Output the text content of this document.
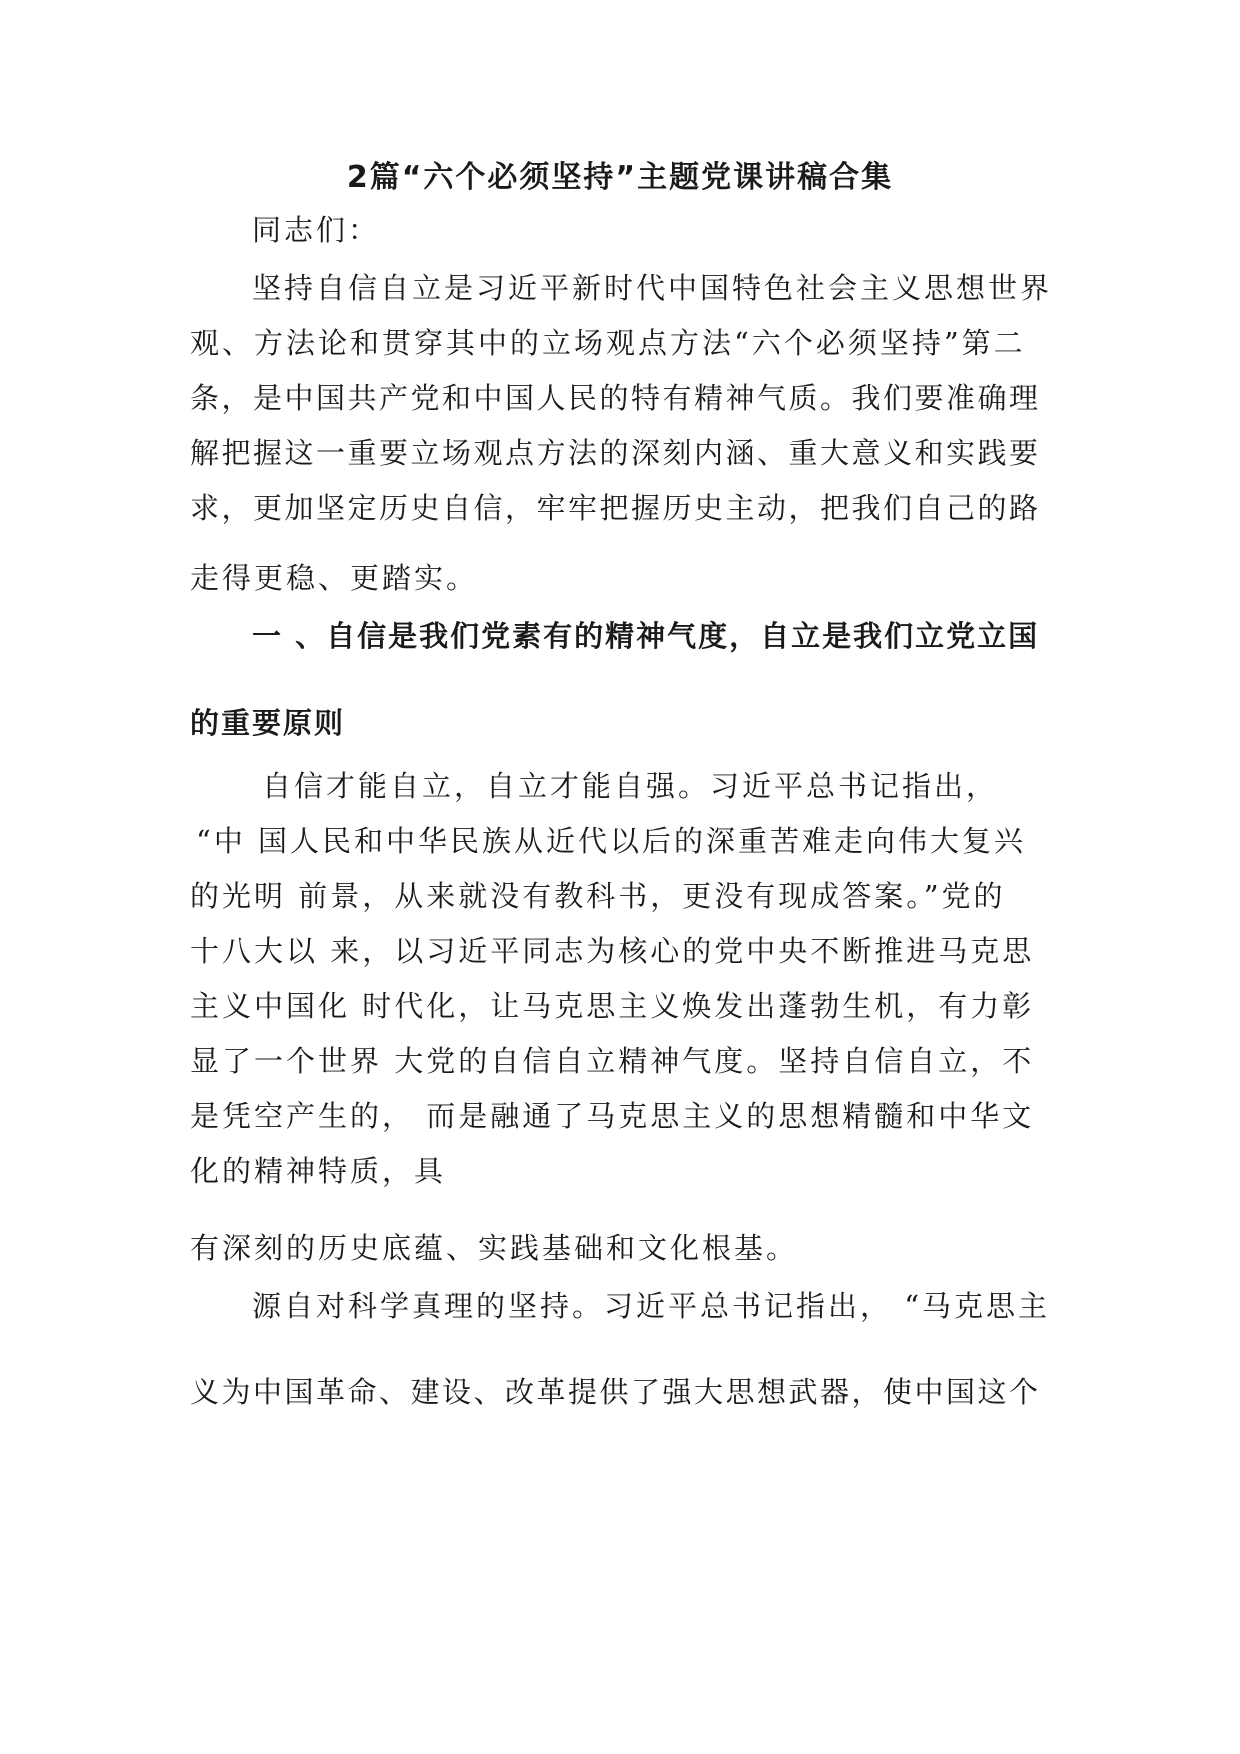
2篇“六个必须坚持”主题党课讲稿合集
同志们：
坚持自信自立是习近平新时代中国特色社会主义思想世界
观、方法论和贯穿其中的立场观点方法“六个必须坚持”第二
条，是中国共产党和中国人民的特有精神气质。我们要准确理
解把握这一重要立场观点方法的深刻内涵、重大意义和实践要
求，更加坚定历史自信，牢牢把握历史主动，把我们自己的路
走得更稳、更踏实。
一 、自信是我们党素有的精神气度，自立是我们立党立国
的重要原则
自信才能自立，自立才能自强。习近平总书记指出，
“中 国人民和中华民族从近代以后的深重苦难走向伟大复兴
的光明 前景，从来就没有教科书，更没有现成答案。”党的
十八大以 来，以习近平同志为核心的党中央不断推进马克思
主义中国化 时代化，让马克思主义焕发出蓬勃生机，有力彰
显了一个世界 大党的自信自立精神气度。坚持自信自立，不
是凭空产生的， 而是融通了马克思主义的思想精髓和中华文
化的精神特质，具
有深刻的历史底蕴、实践基础和文化根基。
源自对科学真理的坚持。习近平总书记指出， “马克思主
义为中国革命、建设、改革提供了强大思想武器，使中国这个
